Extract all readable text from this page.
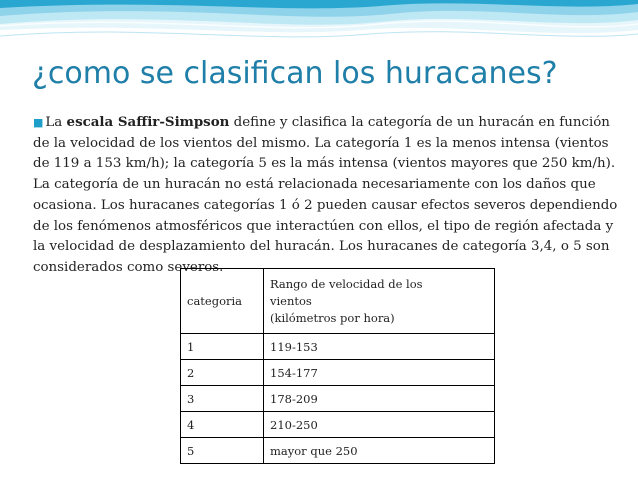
¿como se clasifican los huracanes?
■ La escala Saffir-Simpson define y clasifica la categoría de un huracán en función de la velocidad de los vientos del mismo. La categoría 1 es la menos intensa (vientos de 119 a 153 km/h); la categoría 5 es la más intensa (vientos mayores que 250 km/h). La categoría de un huracán no está relacionada necesariamente con los daños que ocasiona. Los huracanes categorías 1 ó 2 pueden causar efectos severos dependiendo de los fenómenos atmosféricos que interactúen con ellos, el tipo de región afectada y la velocidad de desplazamiento del huracán. Los huracanes de categoría 3,4, o 5 son considerados como severos.
categoria	Rango de velocidad de los
vientos
(kilómetros por hora)

1	119-153
2	154-177
3	178-209
4	210-250
5	mayor que 250
